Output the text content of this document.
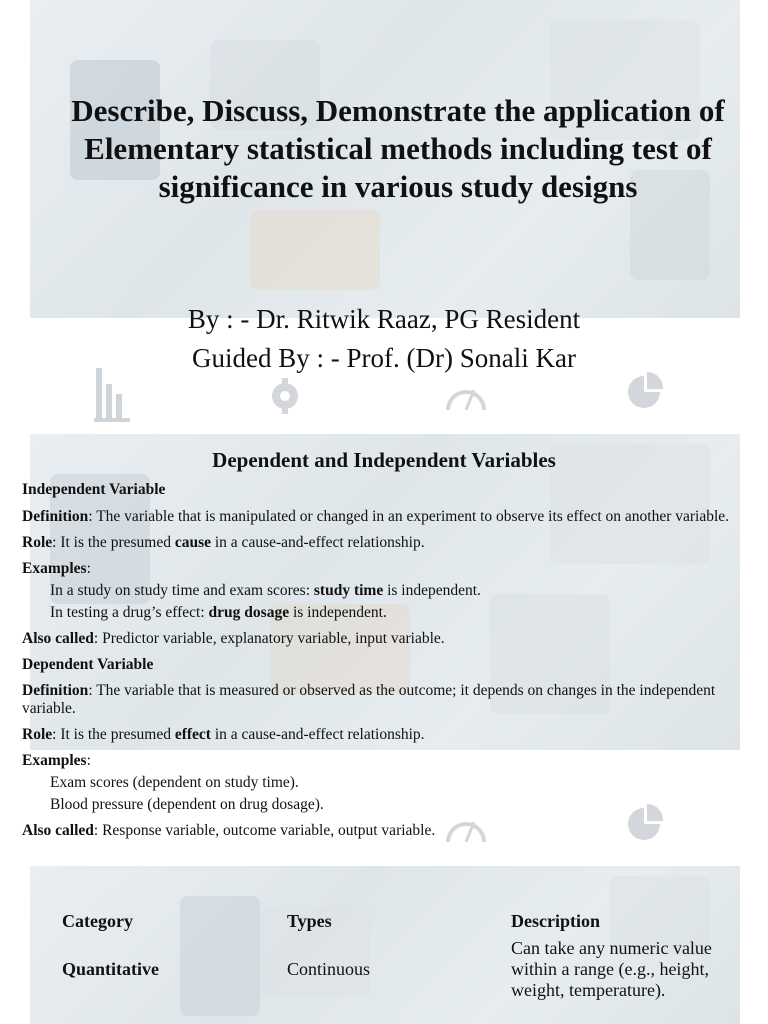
Describe, Discuss, Demonstrate the application of Elementary statistical methods including test of significance in various study designs

By : - Dr. Ritwik Raaz, PG Resident

Guided By : - Prof. (Dr) Sonali Kar

Dependent and Independent Variables

Independent Variable

Definition: The variable that is manipulated or changed in an experiment to observe its effect on another variable.

Role: It is the presumed cause in a cause-and-effect relationship.

Examples:

In a study on study time and exam scores: study time is independent.

In testing a drug’s effect: drug dosage is independent.

Also called: Predictor variable, explanatory variable, input variable.

Dependent Variable

Definition: The variable that is measured or observed as the outcome; it depends on changes in the independent variable.

Role: It is the presumed effect in a cause-and-effect relationship.

Examples:

Exam scores (dependent on study time).

Blood pressure (dependent on drug dosage).

Also called: Response variable, outcome variable, output variable.

Category	Types	Description
Quantitative	Continuous	Can take any numeric value within a range (e.g., height, weight, temperature).
